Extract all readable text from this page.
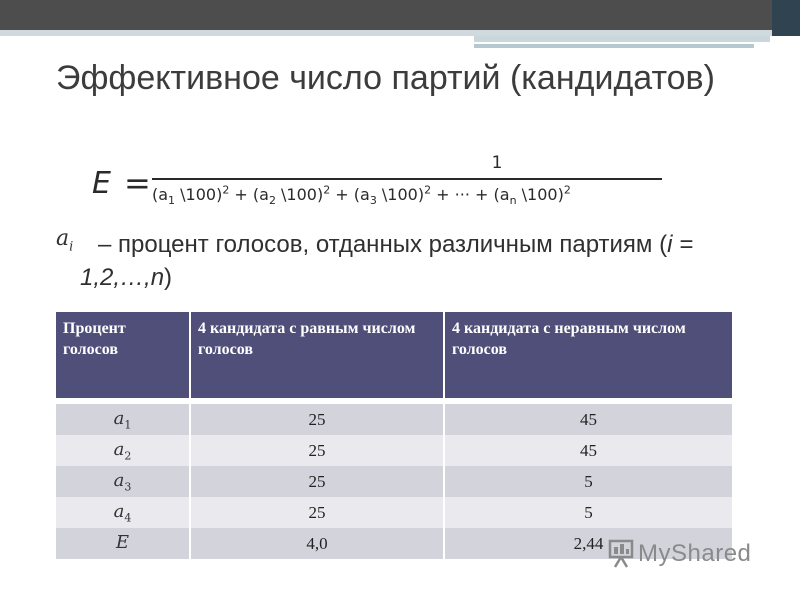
Эффективное число партий (кандидатов)
E =
1
($a_1$ \100)$^2$ + ($a_2$ \100)$^2$ + ($a_3$ \100)$^2$ + ··· + ($a_n$ \100)$^2$
$a_i$	– процент голосов, отданных различным партиям (i = 1,2,…,n)
Процент голосов	4 кандидата с равным числом голосов	4 кандидата с неравным числом голосов

$a_1$	25	45
$a_2$	25	45
$a_3$	25	5
$a_4$	25	5
E	4,0	2,44 MyShared
